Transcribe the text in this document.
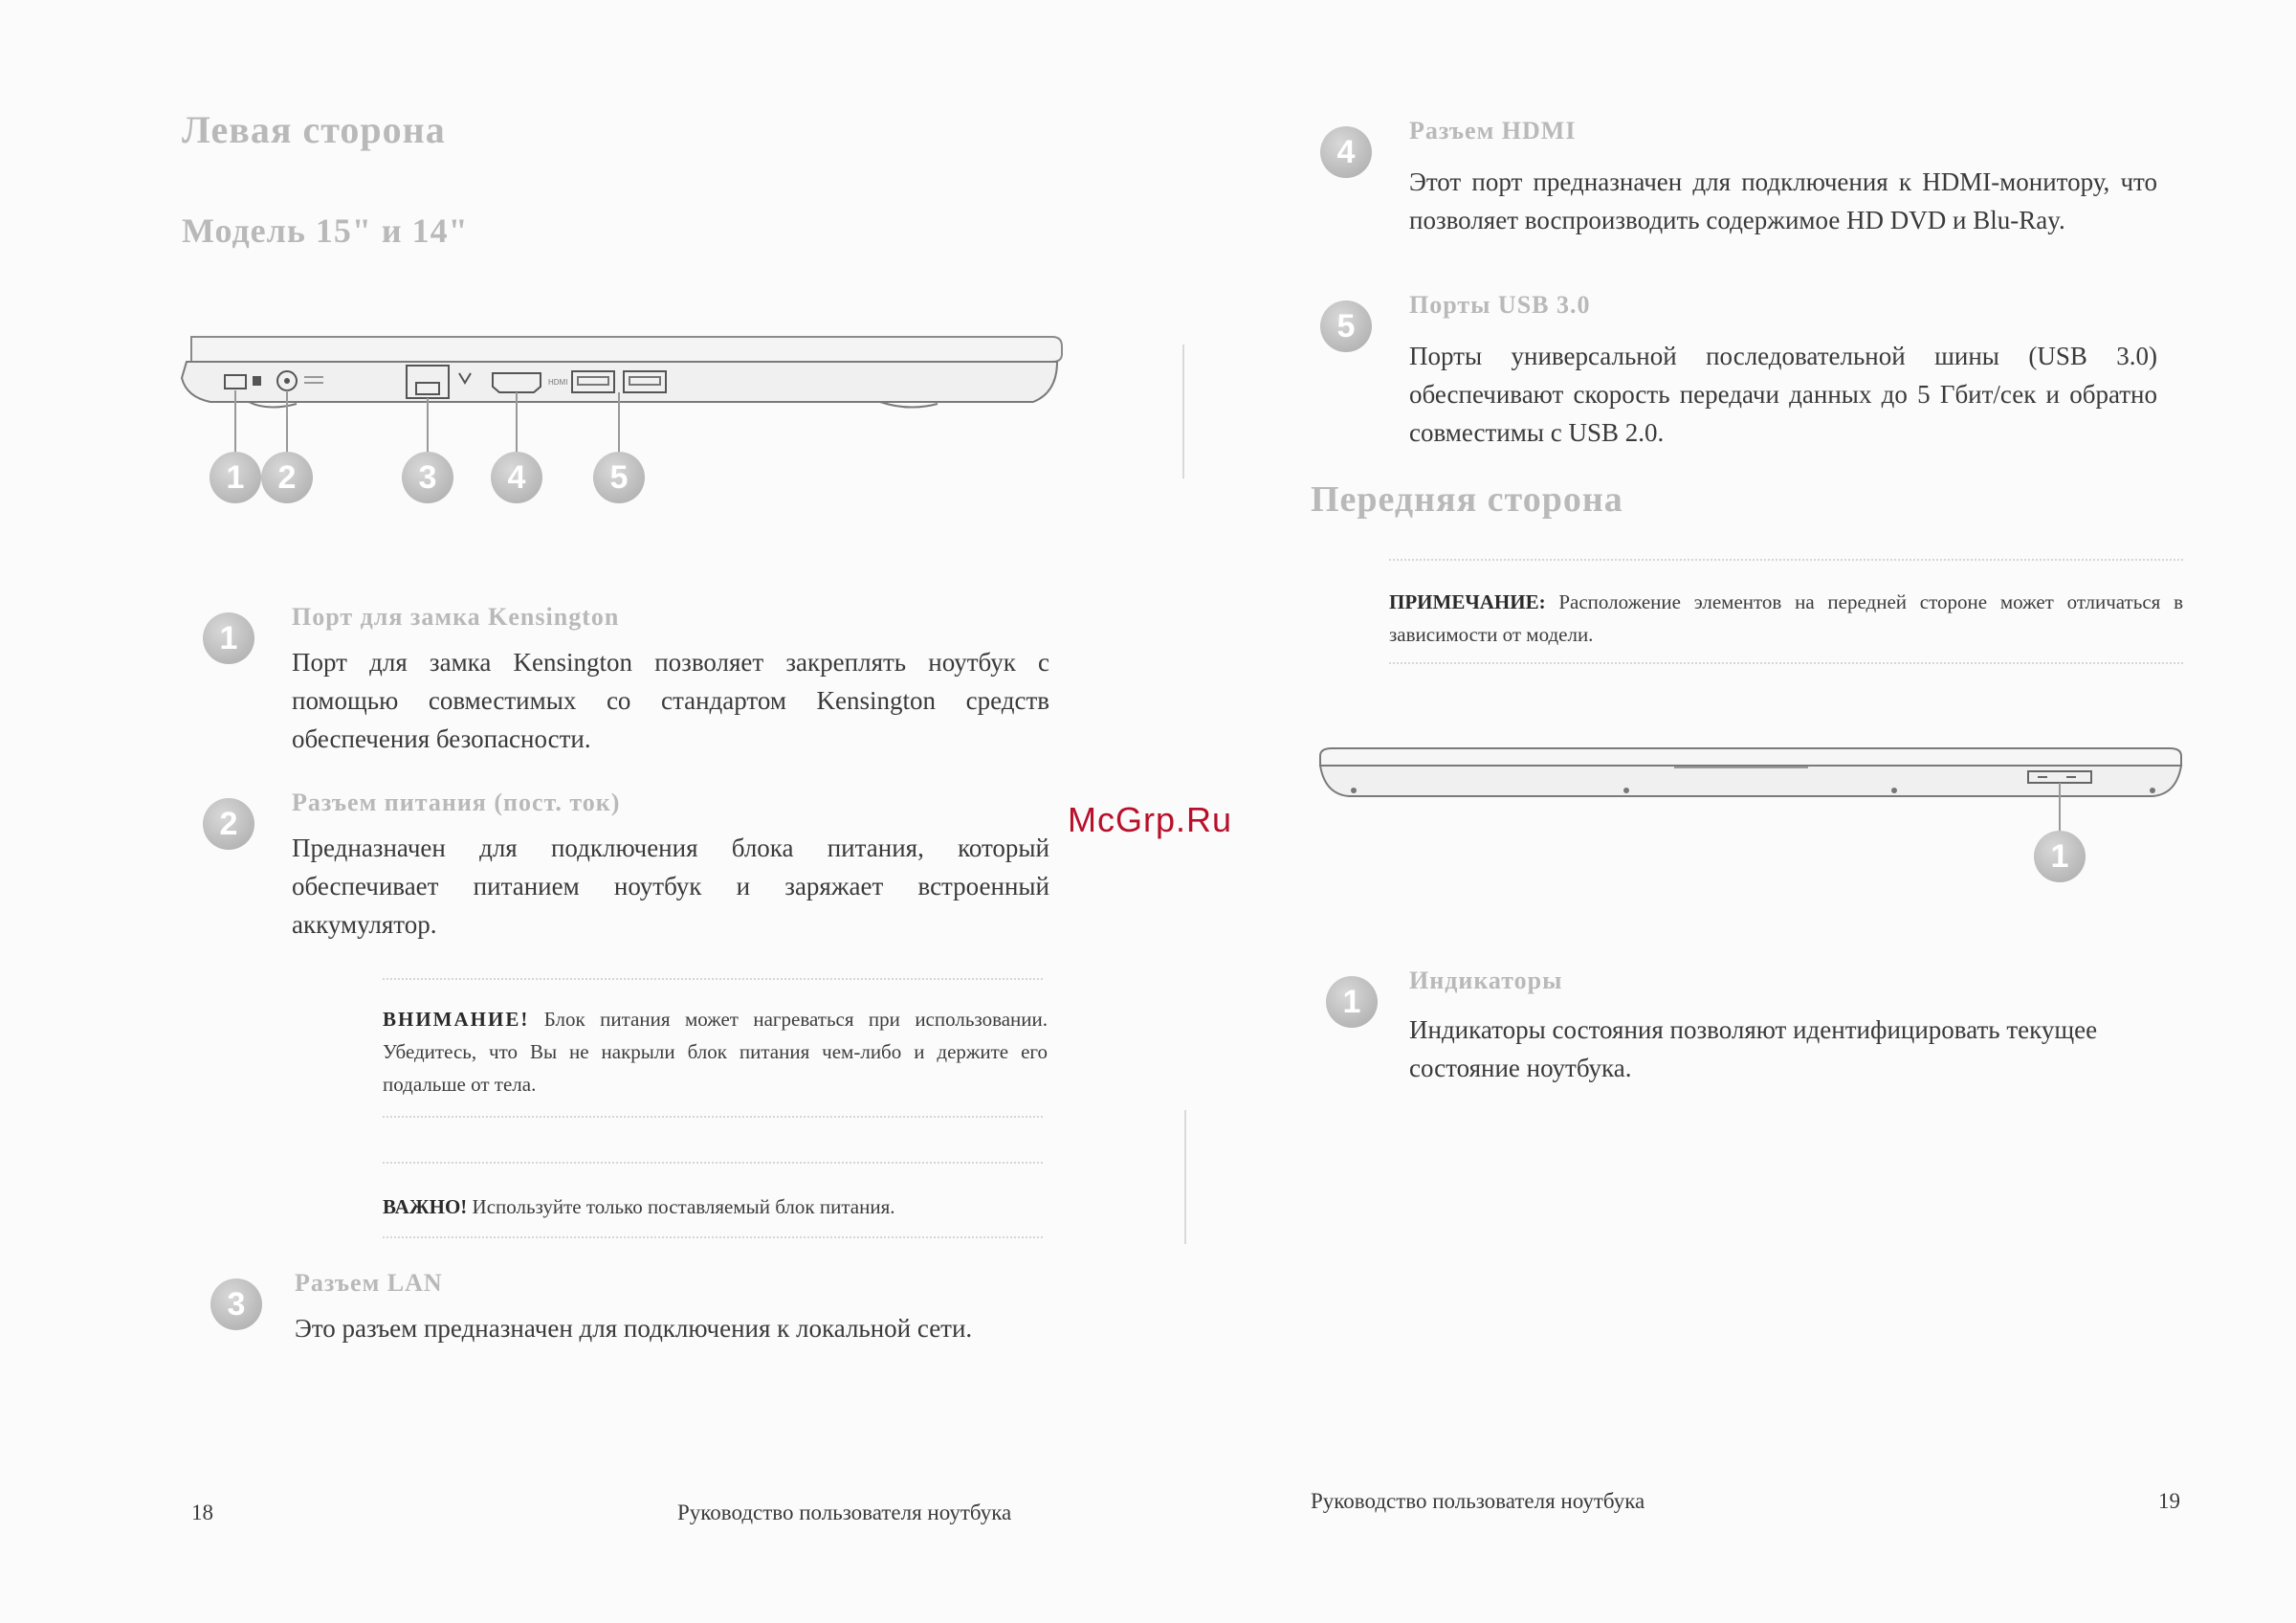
Левая сторона
Модель 15" и 14"
HDMI
1	2	3	4	5
1
Порт для замка Kensington
Порт для замка Kensington позволяет закреплять ноутбук с помощью совместимых со стандартом Kensington средств обеспечения безопасности.
2
Разъем питания (пост. ток)
Предназначен для подключения блока питания, который обеспечивает питанием ноутбук и заряжает встроенный аккумулятор.
ВНИМАНИЕ! Блок питания может нагреваться при использовании. Убедитесь, что Вы не накрыли блок питания чем-либо и держите его подальше от тела.
ВАЖНО! Используйте только поставляемый блок питания.
3
Разъем LAN
Это разъем предназначен для подключения к локальной сети.
18	Руководство пользователя ноутбука
4
Разъем HDMI
Этот порт предназначен для подключения к HDMI-монитору, что позволяет воспроизводить содержимое HD DVD и Blu-Ray.
5
Порты USB 3.0
Порты универсальной последовательной шины (USB 3.0) обеспечивают скорость передачи данных до 5 Гбит/сек и обратно совместимы с USB 2.0.
Передняя сторона
ПРИМЕЧАНИЕ: Расположение элементов на передней стороне может отличаться в зависимости от модели.
1
1
Индикаторы
Индикаторы состояния позволяют идентифицировать текущее состояние ноутбука.
Руководство пользователя ноутбука	19
McGrp.Ru
